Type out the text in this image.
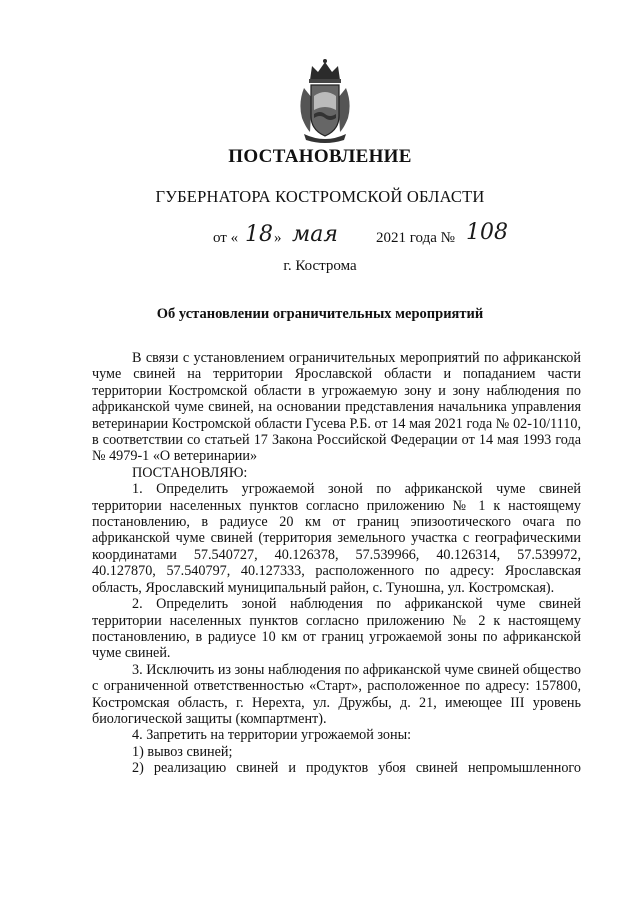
ПОСТАНОВЛЕНИЕ
ГУБЕРНАТОРА КОСТРОМСКОЙ ОБЛАСТИ
от « 18 » мая	2021 года № 108
г. Кострома
Об установлении ограничительных мероприятий

В связи с установлением ограничительных мероприятий по африканской чуме свиней на территории Ярославской области и попаданием части территории Костромской области в угрожаемую зону и зону наблюдения по африканской чуме свиней, на основании представления начальника управления ветеринарии Костромской области Гусева Р.Б. от 14 мая 2021 года № 02-10/1110, в соответствии со статьей 17 Закона Российской Федерации от 14 мая 1993 года № 4979-1 «О ветеринарии»

ПОСТАНОВЛЯЮ:

1. Определить угрожаемой зоной по африканской чуме свиней территории населенных пунктов согласно приложению № 1 к настоящему постановлению, в радиусе 20 км от границ эпизоотического очага по африканской чуме свиней (территория земельного участка с географическими координатами 57.540727, 40.126378, 57.539966, 40.126314, 57.539972, 40.127870, 57.540797, 40.127333, расположенного по адресу: Ярославская область, Ярославский муниципальный район, с. Туношна, ул. Костромская).

2. Определить зоной наблюдения по африканской чуме свиней территории населенных пунктов согласно приложению № 2 к настоящему постановлению, в радиусе 10 км от границ угрожаемой зоны по африканской чуме свиней.

3. Исключить из зоны наблюдения по африканской чуме свиней общество с ограниченной ответственностью «Старт», расположенное по адресу: 157800, Костромская область, г. Нерехта, ул. Дружбы, д. 21, имеющее III уровень биологической защиты (компартмент).

4. Запретить на территории угрожаемой зоны:

1) вывоз свиней;

2) реализацию свиней и продуктов убоя свиней непромышленного
